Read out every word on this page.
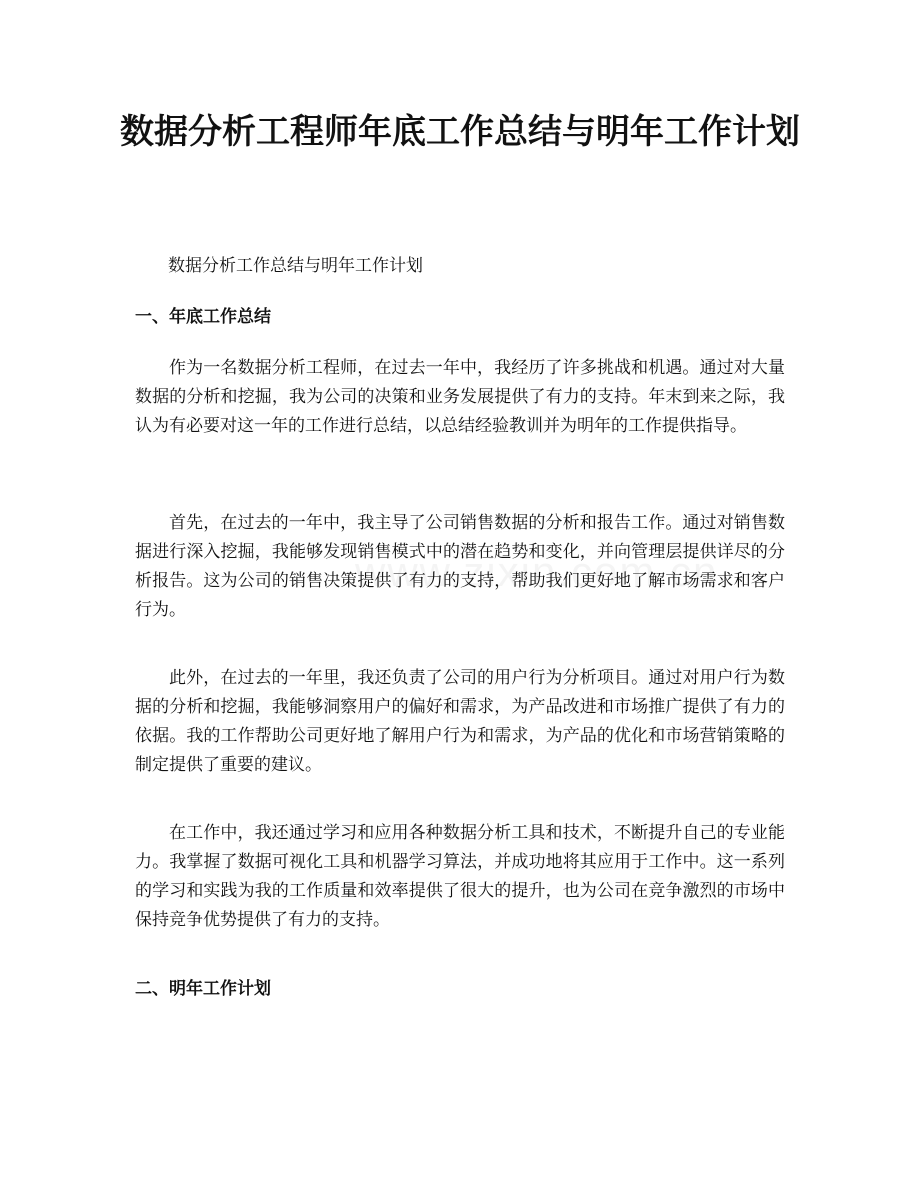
数据分析工程师年底工作总结与明年工作计划
数据分析工作总结与明年工作计划
一、年底工作总结
作为一名数据分析工程师，在过去一年中，我经历了许多挑战和机遇。通过对大量数据的分析和挖掘，我为公司的决策和业务发展提供了有力的支持。年末到来之际，我认为有必要对这一年的工作进行总结，以总结经验教训并为明年的工作提供指导。
首先，在过去的一年中，我主导了公司销售数据的分析和报告工作。通过对销售数据进行深入挖掘，我能够发现销售模式中的潜在趋势和变化，并向管理层提供详尽的分析报告。这为公司的销售决策提供了有力的支持，帮助我们更好地了解市场需求和客户行为。
此外，在过去的一年里，我还负责了公司的用户行为分析项目。通过对用户行为数据的分析和挖掘，我能够洞察用户的偏好和需求，为产品改进和市场推广提供了有力的依据。我的工作帮助公司更好地了解用户行为和需求，为产品的优化和市场营销策略的制定提供了重要的建议。
在工作中，我还通过学习和应用各种数据分析工具和技术，不断提升自己的专业能力。我掌握了数据可视化工具和机器学习算法，并成功地将其应用于工作中。这一系列的学习和实践为我的工作质量和效率提供了很大的提升，也为公司在竞争激烈的市场中保持竞争优势提供了有力的支持。
二、明年工作计划
